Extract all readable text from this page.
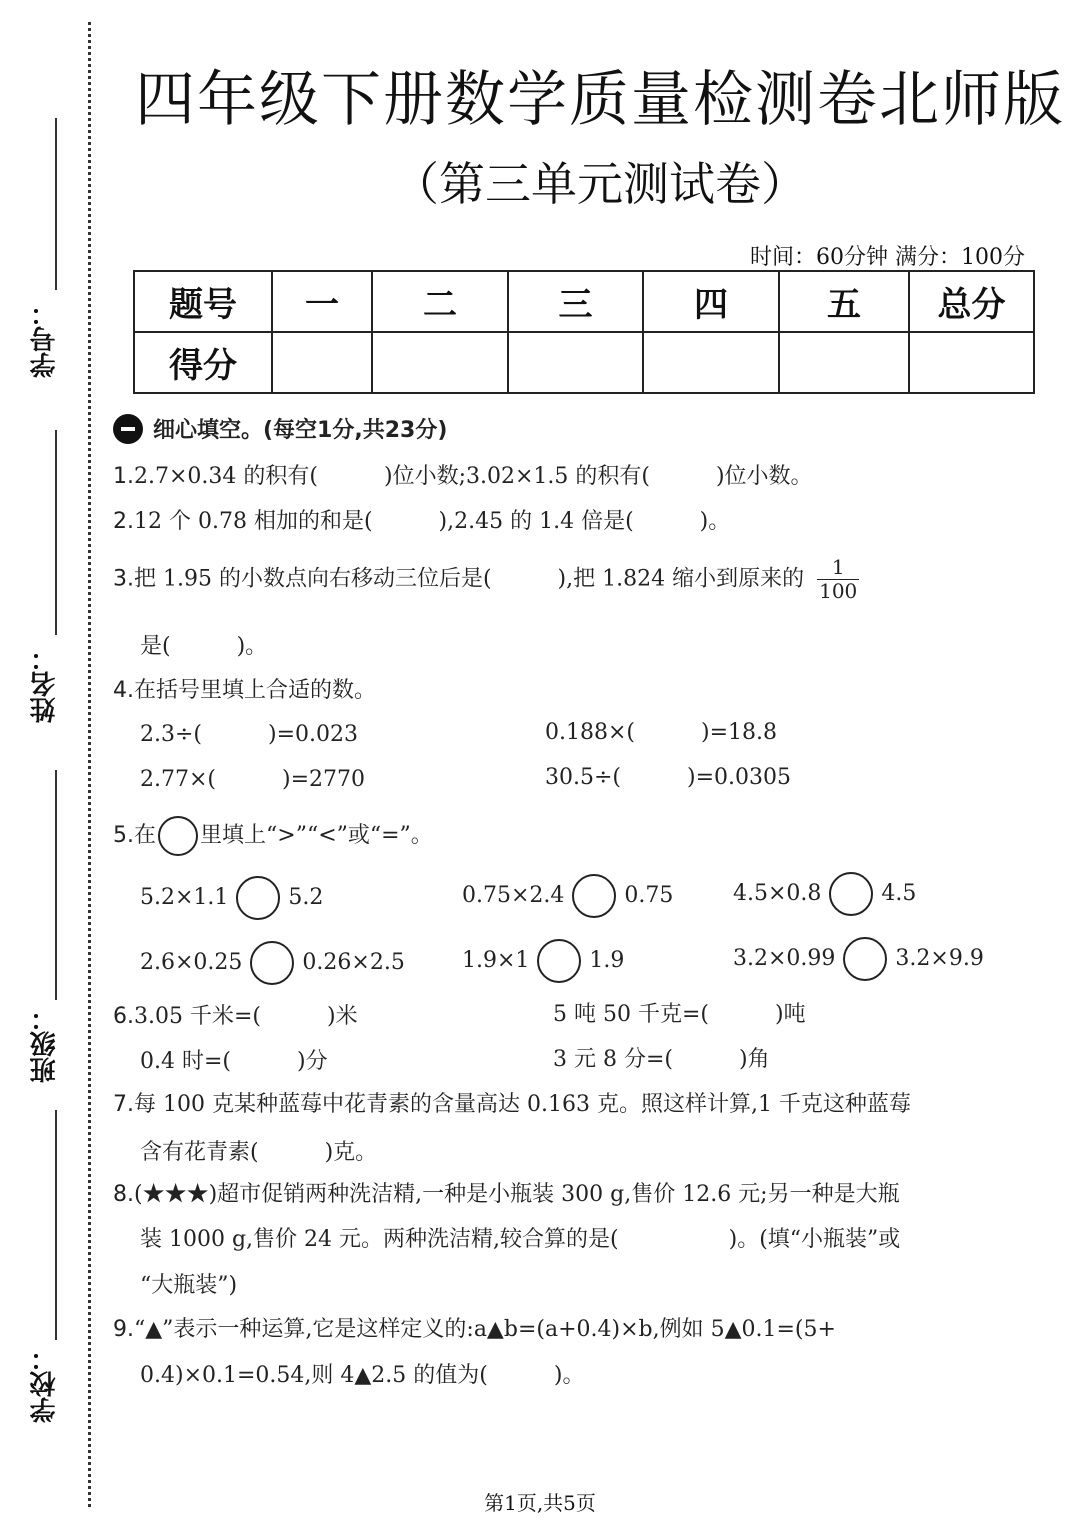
学号：
姓名：
班级：
学校：
四年级下册数学质量检测卷北师版
（第三单元测试卷）
时间：60分钟 满分：100分
题号	一	二	三	四	五	总分
得分						
细心填空。(每空1分,共23分)
1.2.7×0.34 的积有(　　　)位小数;3.02×1.5 的积有(　　　)位小数。
2.12 个 0.78 相加的和是(　　　),2.45 的 1.4 倍是(　　　)。
3.把 1.95 的小数点向右移动三位后是(　　　),把 1.824 缩小到原来的 $\frac{1}{100}$
是(　　　)。
4.在括号里填上合适的数。
2.3÷(　　　)=0.023	0.188×(　　　)=18.8
2.77×(　　　)=2770	30.5÷(　　　)=0.0305
5.在 里填上“>”“<”或“=”。
5.2×1.1	5.2	0.75×2.4	0.75	4.5×0.8	4.5
2.6×0.25	0.26×2.5	1.9×1	1.9	3.2×0.99	3.2×9.9
6.3.05 千米=(　　　)米	5 吨 50 千克=(　　　)吨
0.4 时=(　　　)分	3 元 8 分=(　　　)角
7.每 100 克某种蓝莓中花青素的含量高达 0.163 克。照这样计算,1 千克这种蓝莓
含有花青素(　　　)克。
8.(★★★)超市促销两种洗洁精,一种是小瓶装 300 g,售价 12.6 元;另一种是大瓶
装 1000 g,售价 24 元。两种洗洁精,较合算的是(　　　　　)。(填“小瓶装”或
“大瓶装”)
9.“▲”表示一种运算,它是这样定义的:a▲b=(a+0.4)×b,例如 5▲0.1=(5+
0.4)×0.1=0.54,则 4▲2.5 的值为(　　　)。
第1页,共5页
